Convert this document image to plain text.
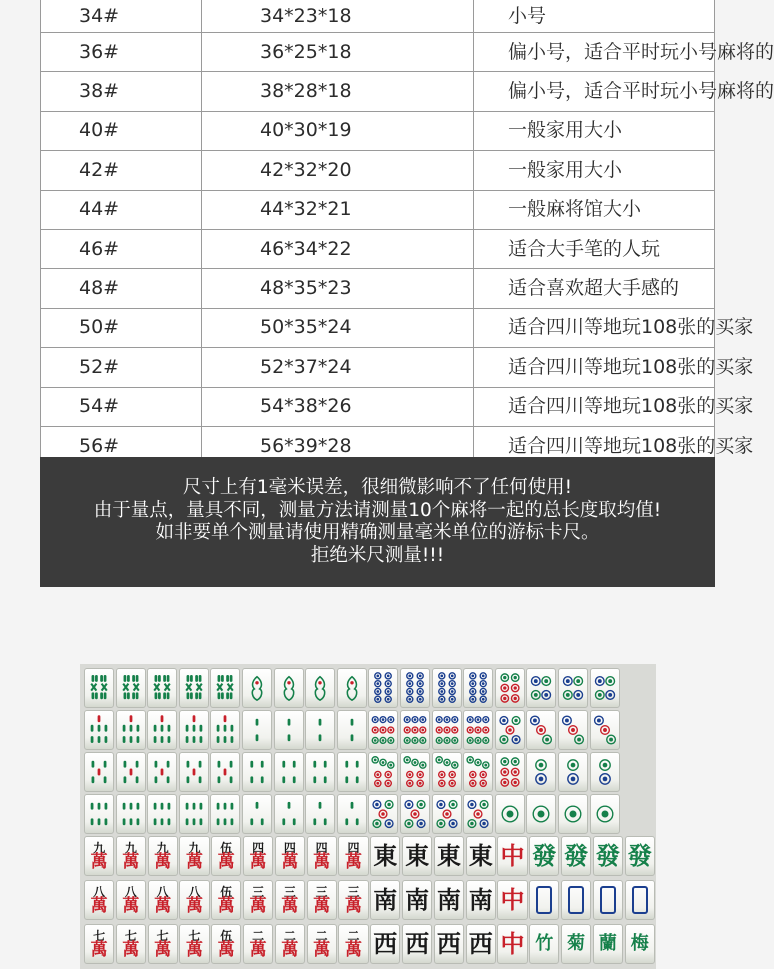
34#	34*23*18	小号
36#	36*25*18	偏小号，适合平时玩小号麻将的
38#	38*28*18	偏小号，适合平时玩小号麻将的
40#	40*30*19	一般家用大小
42#	42*32*20	一般家用大小
44#	44*32*21	一般麻将馆大小
46#	46*34*22	适合大手笔的人玩
48#	48*35*23	适合喜欢超大手感的
50#	50*35*24	适合四川等地玩108张的买家
52#	52*37*24	适合四川等地玩108张的买家
54#	54*38*26	适合四川等地玩108张的买家
56#	56*39*28	适合四川等地玩108张的买家
尺寸上有1毫米误差，很细微影响不了任何使用!
由于量点，量具不同，测量方法请测量10个麻将一起的总长度取均值!
如非要单个测量请使用精确测量毫米单位的游标卡尺。
拒绝米尺测量!!!
九
萬
九
萬
九
萬
九
萬
伍
萬
四
萬
四
萬
四
萬
四
萬 東 東 東 東 中 發 發 發 發
八
萬
八
萬
八
萬
八
萬
伍
萬
三
萬
三
萬
三
萬
三
萬 南 南 南 南 中
七
萬
七
萬
七
萬
七
萬
伍
萬
二
萬
二
萬
二
萬
二
萬 西 西 西 西 中 竹 菊 蘭 梅
